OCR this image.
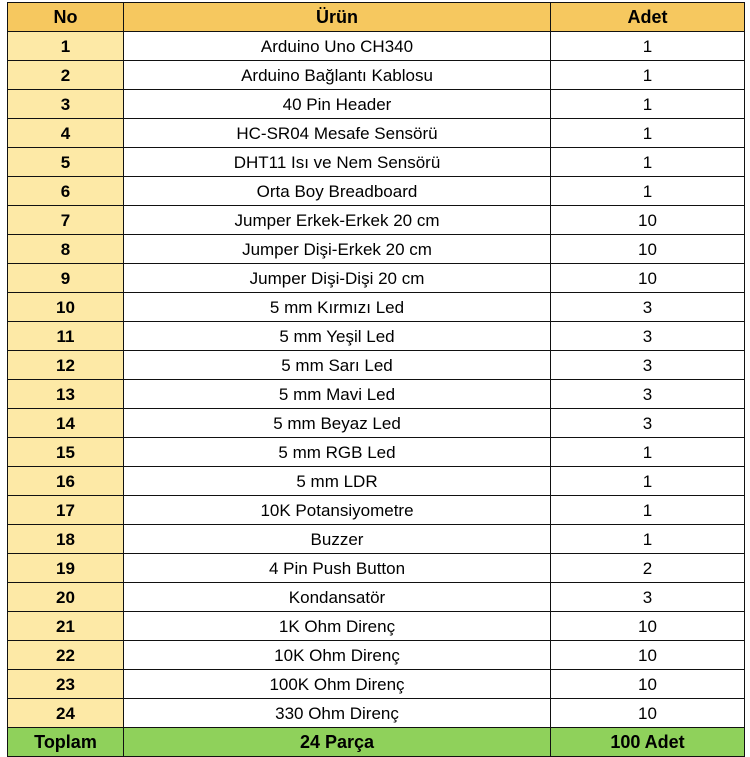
No	Ürün	Adet
1	Arduino Uno CH340	1
2	Arduino Bağlantı Kablosu	1
3	40 Pin Header	1
4	HC-SR04 Mesafe Sensörü	1
5	DHT11 Isı ve Nem Sensörü	1
6	Orta Boy Breadboard	1
7	Jumper Erkek-Erkek 20 cm	10
8	Jumper Dişi-Erkek 20 cm	10
9	Jumper Dişi-Dişi 20 cm	10
10	5 mm Kırmızı Led	3
11	5 mm Yeşil Led	3
12	5 mm Sarı Led	3
13	5 mm Mavi Led	3
14	5 mm Beyaz Led	3
15	5 mm RGB Led	1
16	5 mm LDR	1
17	10K Potansiyometre	1
18	Buzzer	1
19	4 Pin Push Button	2
20	Kondansatör	3
21	1K Ohm Direnç	10
22	10K Ohm Direnç	10
23	100K Ohm Direnç	10
24	330 Ohm Direnç	10
Toplam	24 Parça	100 Adet
